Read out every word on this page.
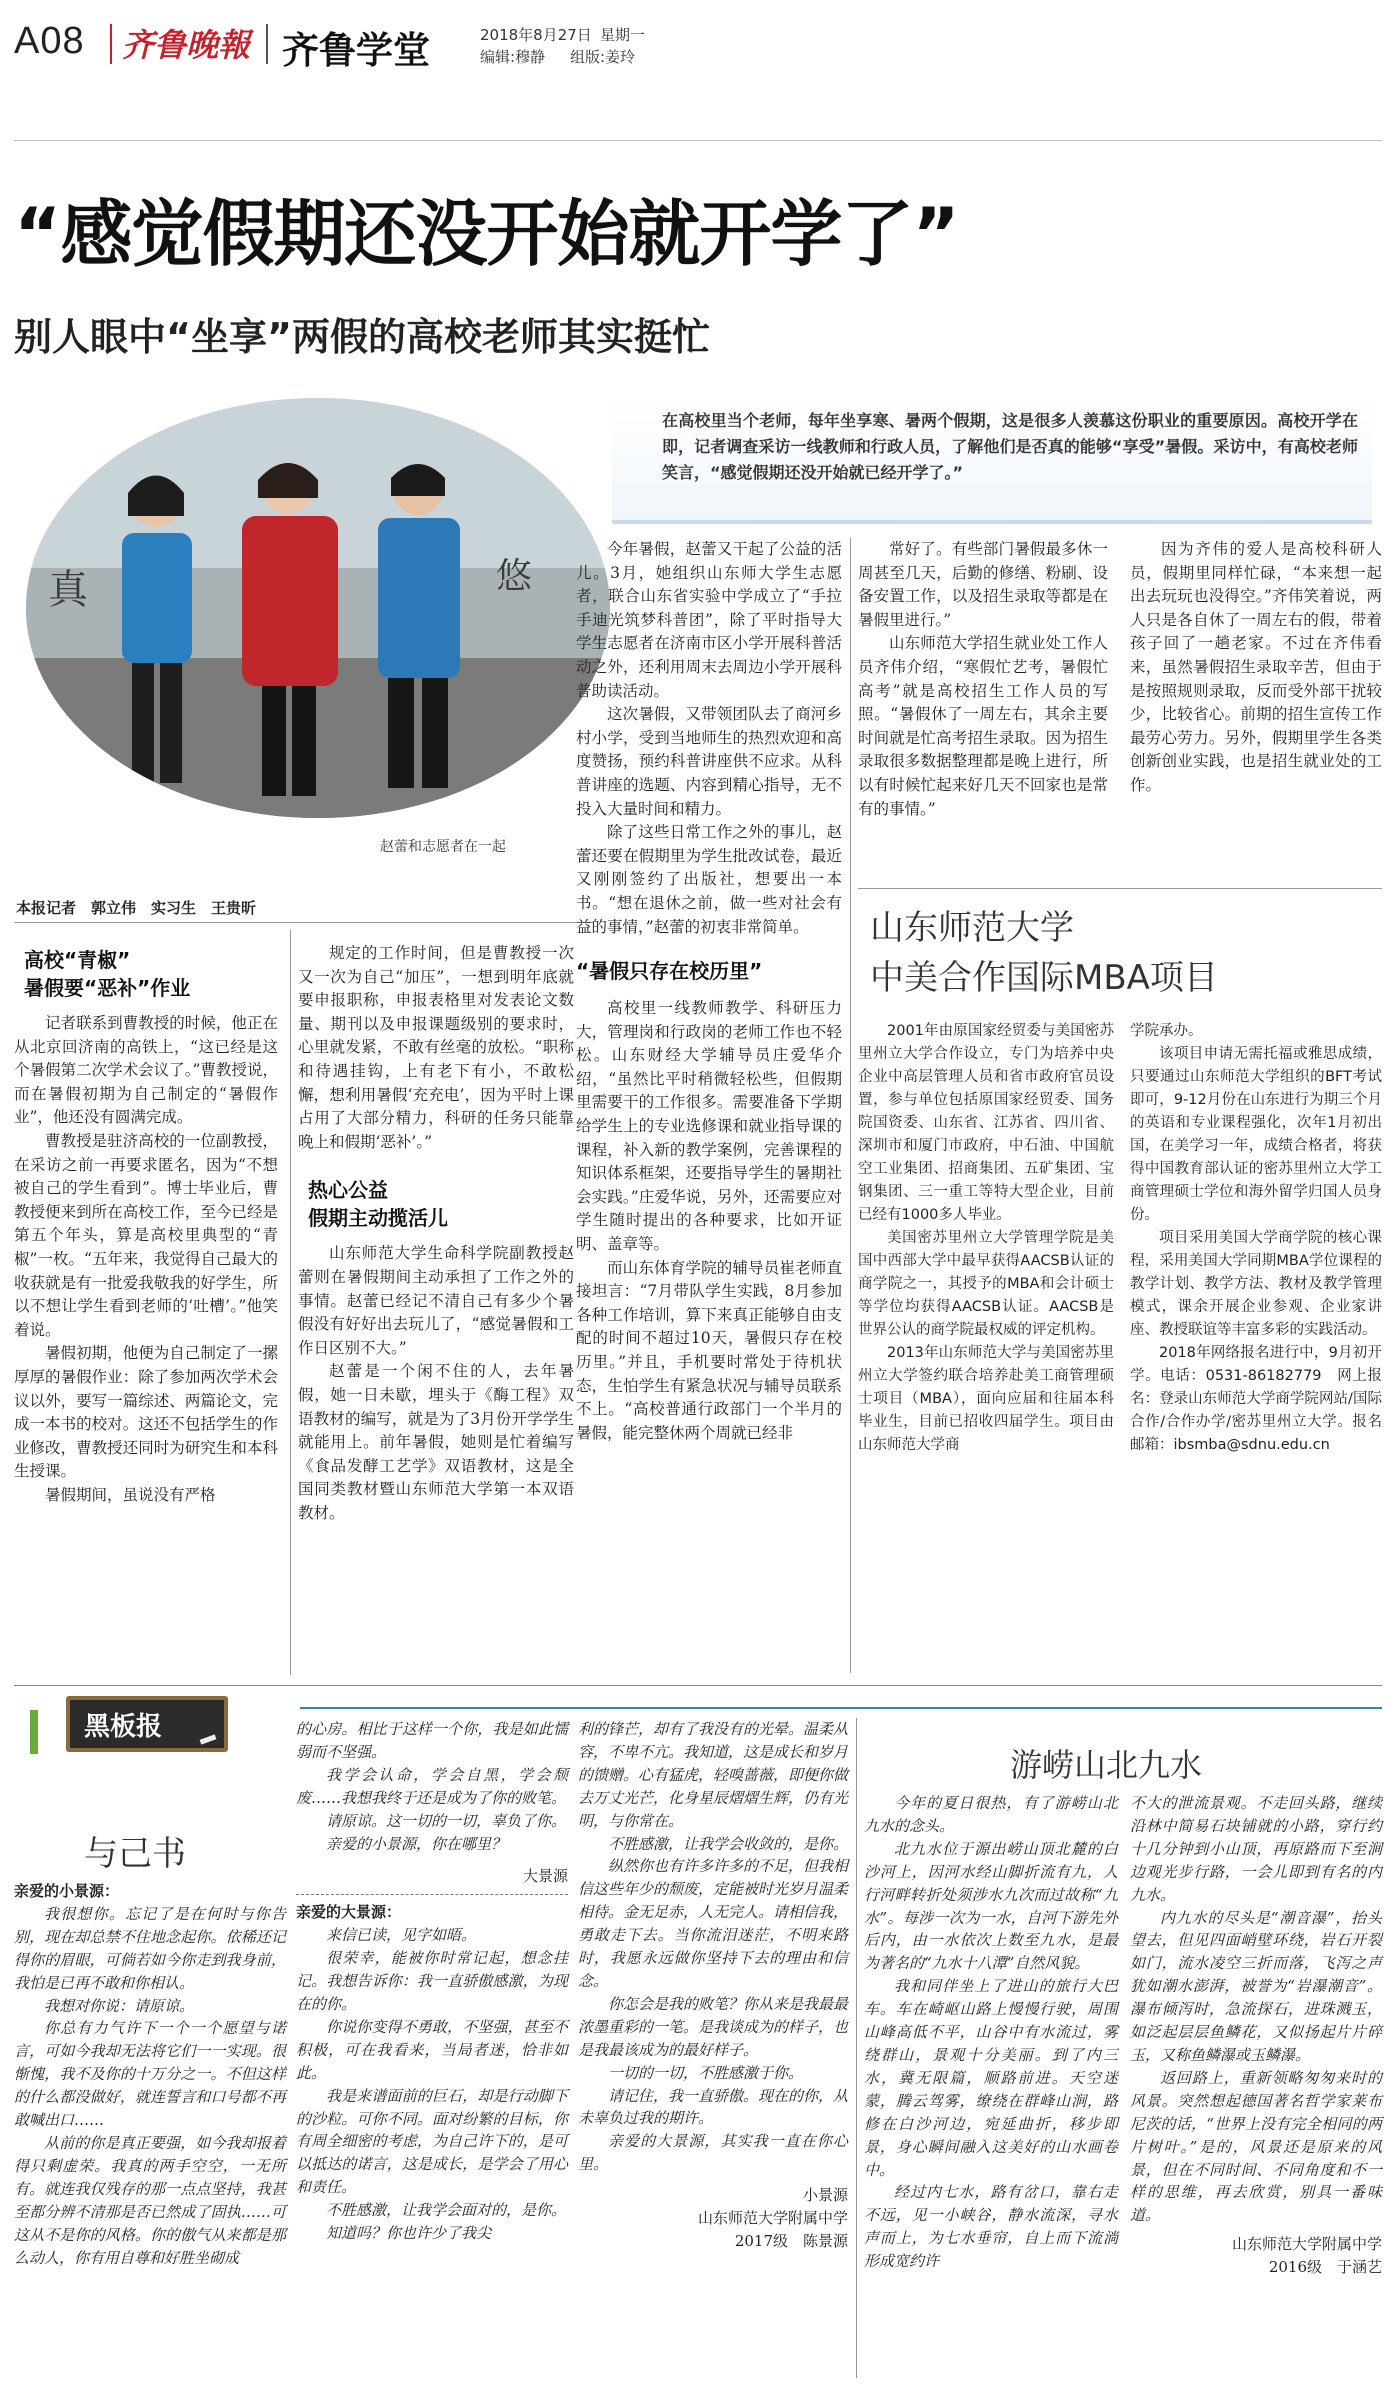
A08 齐鲁晚報 齐鲁学堂	2018年8月27日 星期一
编辑:穆静 组版:姜玲
“感觉假期还没开始就开学了”
别人眼中“坐享”两假的高校老师其实挺忙
在高校里当个老师，每年坐享寒、暑两个假期，这是很多人羡慕这份职业的重要原因。高校开学在即，记者调查采访一线教师和行政人员，了解他们是否真的能够“享受”暑假。采访中，有高校老师笑言，“感觉假期还没开始就已经开学了。”
真	悠
赵蕾和志愿者在一起
本报记者　郭立伟　实习生　王贵昕
高校“青椒”
暑假要“恶补”作业

记者联系到曹教授的时候，他正在从北京回济南的高铁上，“这已经是这个暑假第二次学术会议了。”曹教授说，而在暑假初期为自己制定的“暑假作业”，他还没有圆满完成。

曹教授是驻济高校的一位副教授，在采访之前一再要求匿名，因为“不想被自己的学生看到”。博士毕业后，曹教授便来到所在高校工作，至今已经是第五个年头，算是高校里典型的“青椒”一枚。“五年来，我觉得自己最大的收获就是有一批爱我敬我的好学生，所以不想让学生看到老师的‘吐槽’。”他笑着说。

暑假初期，他便为自己制定了一摞厚厚的暑假作业：除了参加两次学术会议以外，要写一篇综述、两篇论文，完成一本书的校对。这还不包括学生的作业修改，曹教授还同时为研究生和本科生授课。

暑假期间，虽说没有严格

规定的工作时间，但是曹教授一次又一次为自己“加压”，一想到明年底就要申报职称，申报表格里对发表论文数量、期刊以及申报课题级别的要求时，心里就发紧，不敢有丝毫的放松。“职称和待遇挂钩，上有老下有小，不敢松懈，想利用暑假‘充充电’，因为平时上课占用了大部分精力，科研的任务只能靠晚上和假期‘恶补’。”

热心公益
假期主动揽活儿

山东师范大学生命科学院副教授赵蕾则在暑假期间主动承担了工作之外的事情。赵蕾已经记不清自己有多少个暑假没有好好出去玩儿了，“感觉暑假和工作日区别不大。”

赵蕾是一个闲不住的人，去年暑假，她一日未歇，埋头于《酶工程》双语教材的编写，就是为了3月份开学学生就能用上。前年暑假，她则是忙着编写《食品发酵工艺学》双语教材，这是全国同类教材暨山东师范大学第一本双语教材。

今年暑假，赵蕾又干起了公益的活儿。3月，她组织山东师大学生志愿者，联合山东省实验中学成立了“手拉手迪光筑梦科普团”，除了平时指导大学生志愿者在济南市区小学开展科普活动之外，还利用周末去周边小学开展科普助读活动。

这次暑假，又带领团队去了商河乡村小学，受到当地师生的热烈欢迎和高度赞扬，预约科普讲座供不应求。从科普讲座的选题、内容到精心指导，无不投入大量时间和精力。

除了这些日常工作之外的事儿，赵蕾还要在假期里为学生批改试卷，最近又刚刚签约了出版社，想要出一本书。“想在退休之前，做一些对社会有益的事情，”赵蕾的初衷非常简单。

“暑假只存在校历里”

高校里一线教师教学、科研压力大，管理岗和行政岗的老师工作也不轻松。山东财经大学辅导员庄爱华介绍，“虽然比平时稍微轻松些，但假期里需要干的工作很多。需要准备下学期给学生上的专业选修课和就业指导课的课程，补入新的教学案例，完善课程的知识体系框架，还要指导学生的暑期社会实践。”庄爱华说，另外，还需要应对学生随时提出的各种要求，比如开证明、盖章等。

而山东体育学院的辅导员崔老师直接坦言：“7月带队学生实践，8月参加各种工作培训，算下来真正能够自由支配的时间不超过10天，暑假只存在校历里。”并且，手机要时常处于待机状态，生怕学生有紧急状况与辅导员联系不上。“高校普通行政部门一个半月的暑假，能完整休两个周就已经非

常好了。有些部门暑假最多休一周甚至几天，后勤的修缮、粉刷、设备安置工作，以及招生录取等都是在暑假里进行。”

山东师范大学招生就业处工作人员齐伟介绍，“寒假忙艺考，暑假忙高考”就是高校招生工作人员的写照。“暑假休了一周左右，其余主要时间就是忙高考招生录取。因为招生录取很多数据整理都是晚上进行，所以有时候忙起来好几天不回家也是常有的事情。”

因为齐伟的爱人是高校科研人员，假期里同样忙碌，“本来想一起出去玩玩也没得空。”齐伟笑着说，两人只是各自休了一周左右的假，带着孩子回了一趟老家。不过在齐伟看来，虽然暑假招生录取辛苦，但由于是按照规则录取，反而受外部干扰较少，比较省心。前期的招生宣传工作最劳心劳力。另外，假期里学生各类创新创业实践，也是招生就业处的工作。

山东师范大学
中美合作国际MBA项目

2001年由原国家经贸委与美国密苏里州立大学合作设立，专门为培养中央企业中高层管理人员和省市政府官员设置，参与单位包括原国家经贸委、国务院国资委、山东省、江苏省、四川省、深圳市和厦门市政府，中石油、中国航空工业集团、招商集团、五矿集团、宝钢集团、三一重工等特大型企业，目前已经有1000多人毕业。

美国密苏里州立大学管理学院是美国中西部大学中最早获得AACSB认证的商学院之一，其授予的MBA和会计硕士等学位均获得AACSB认证。AACSB是世界公认的商学院最权威的评定机构。

2013年山东师范大学与美国密苏里州立大学签约联合培养赴美工商管理硕士项目（MBA），面向应届和往届本科毕业生，目前已招收四届学生。项目由山东师范大学商

学院承办。

该项目申请无需托福或雅思成绩，只要通过山东师范大学组织的BFT考试即可，9-12月份在山东进行为期三个月的英语和专业课程强化，次年1月初出国，在美学习一年，成绩合格者，将获得中国教育部认证的密苏里州立大学工商管理硕士学位和海外留学归国人员身份。

项目采用美国大学商学院的核心课程，采用美国大学同期MBA学位课程的教学计划、教学方法、教材及教学管理模式，课余开展企业参观、企业家讲座、教授联谊等丰富多彩的实践活动。

2018年网络报名进行中，9月初开学。电话：0531-86182779　网上报名：登录山东师范大学商学院网站/国际合作/合作办学/密苏里州立大学。报名邮箱：ibsmba@sdnu.edu.cn

黑板报
与己书

亲爱的小景源：

我很想你。忘记了是在何时与你告别，现在却总禁不住地念起你。依稀还记得你的眉眼，可倘若如今你走到我身前，我怕是已再不敢和你相认。

我想对你说：请原谅。

你总有力气许下一个一个愿望与诺言，可如今我却无法将它们一一实现。很惭愧，我不及你的十万分之一。不但这样的什么都没做好，就连誓言和口号都不再敢喊出口……

从前的你是真正要强，如今我却报着得只剩虚荣。我真的两手空空，一无所有。就连我仅残存的那一点点坚持，我甚至都分辨不清那是否已然成了固执……可这从不是你的风格。你的傲气从来都是那么动人，你有用自尊和好胜坐砌成

的心房。相比于这样一个你，我是如此懦弱而不坚强。

我学会认命，学会自黑，学会颓废……我想我终于还是成为了你的败笔。

请原谅。这一切的一切，辜负了你。

亲爱的小景源，你在哪里？

大景源

亲爱的大景源：

来信已读，见字如晤。

很荣幸，能被你时常记起，想念挂记。我想告诉你：我一直骄傲感激，为现在的你。

你说你变得不勇敢，不坚强，甚至不积极，可在我看来，当局者迷，恰非如此。

我是来谱面前的巨石，却是行动脚下的沙粒。可你不同。面对纷繁的目标，你有周全细密的考虑，为自己许下的，是可以抵达的诺言，这是成长，是学会了用心和责任。

不胜感激，让我学会面对的，是你。

知道吗？你也许少了我尖

利的锋芒，却有了我没有的光晕。温柔从容，不卑不亢。我知道，这是成长和岁月的馈赠。心有猛虎，轻嗅蔷薇，即便你做去万丈光芒，化身星辰熠熠生辉，仍有光明，与你常在。

不胜感激，让我学会收敛的，是你。

纵然你也有许多许多的不足，但我相信这些年少的颓废，定能被时光岁月温柔相待。金无足赤，人无完人。请相信我，勇敢走下去。当你流泪迷茫，不明来路时，我愿永远做你坚持下去的理由和信念。

你怎会是我的败笔？你从来是我最最浓墨重彩的一笔。是我谈成为的样子，也是我最该成为的最好样子。

一切的一切，不胜感激于你。

请记住，我一直骄傲。现在的你，从未辜负过我的期许。

亲爱的大景源，其实我一直在你心里。

小景源

山东师范大学附属中学

2017级　陈景源

游崂山北九水

今年的夏日很热，有了游崂山北九水的念头。

北九水位于源出崂山顶北麓的白沙河上，因河水经山脚折流有九，人行河畔转折处须涉水九次而过故称“九水”。每涉一次为一水，自河下游先外后内，由一水依次上数至九水，是最为著名的“九水十八潭”自然风貌。

我和同伴坐上了进山的旅行大巴车。车在崎岖山路上慢慢行驶，周围山峰高低不平，山谷中有水流过，雾绕群山，景观十分美丽。到了内三水，冀无限篇，顺路前进。天空迷蒙，腾云驾雾，缭绕在群峰山涧，路修在白沙河边，宛延曲折，移步即景，身心瞬间融入这美好的山水画卷中。

经过内七水，路有岔口，靠右走不远，见一小峡谷，静水流深，寻水声而上，为七水垂帘，自上而下流淌形成宽约许

不大的泄流景观。不走回头路，继续沿林中简易石块铺就的小路，穿行约十几分钟到小山顶，再原路而下至涧边观光步行路，一会儿即到有名的内九水。

内九水的尽头是“潮音瀑”，抬头望去，但见四面峭壁环绕，岩石开裂如门，流水凌空三折而落，飞泻之声犹如潮水澎湃，被誉为“岩瀑潮音”。瀑布倾泻时，急流探石，进珠溅玉，如泛起层层鱼鳞花，又似扬起片片碎玉，又称鱼鳞瀑或玉鳞瀑。

返回路上，重新领略匆匆来时的风景。突然想起德国著名哲学家莱布尼茨的话，“世界上没有完全相同的两片树叶。”是的，风景还是原来的风景，但在不同时间、不同角度和不一样的思维，再去欣赏，别具一番味道。

山东师范大学附属中学

2016级　于涵艺
